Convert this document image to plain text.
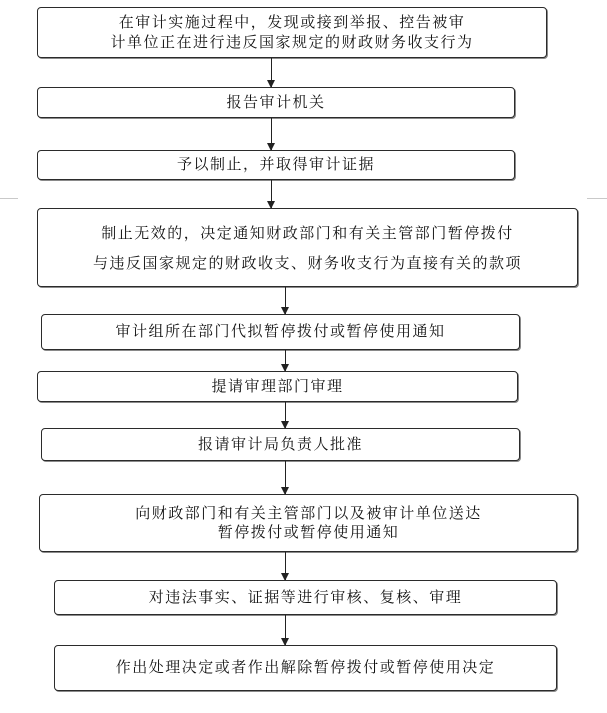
在审计实施过程中，发现或接到举报、控告被审
计单位正在进行违反国家规定的财政财务收支行为
报告审计机关
予以制止，并取得审计证据
制止无效的，决定通知财政部门和有关主管部门暂停拨付
与违反国家规定的财政收支、财务收支行为直接有关的款项
审计组所在部门代拟暂停拨付或暂停使用通知
提请审理部门审理
报请审计局负责人批准
向财政部门和有关主管部门以及被审计单位送达
暂停拨付或暂停使用通知
对违法事实、证据等进行审核、复核、审理
作出处理决定或者作出解除暂停拨付或暂停使用决定
